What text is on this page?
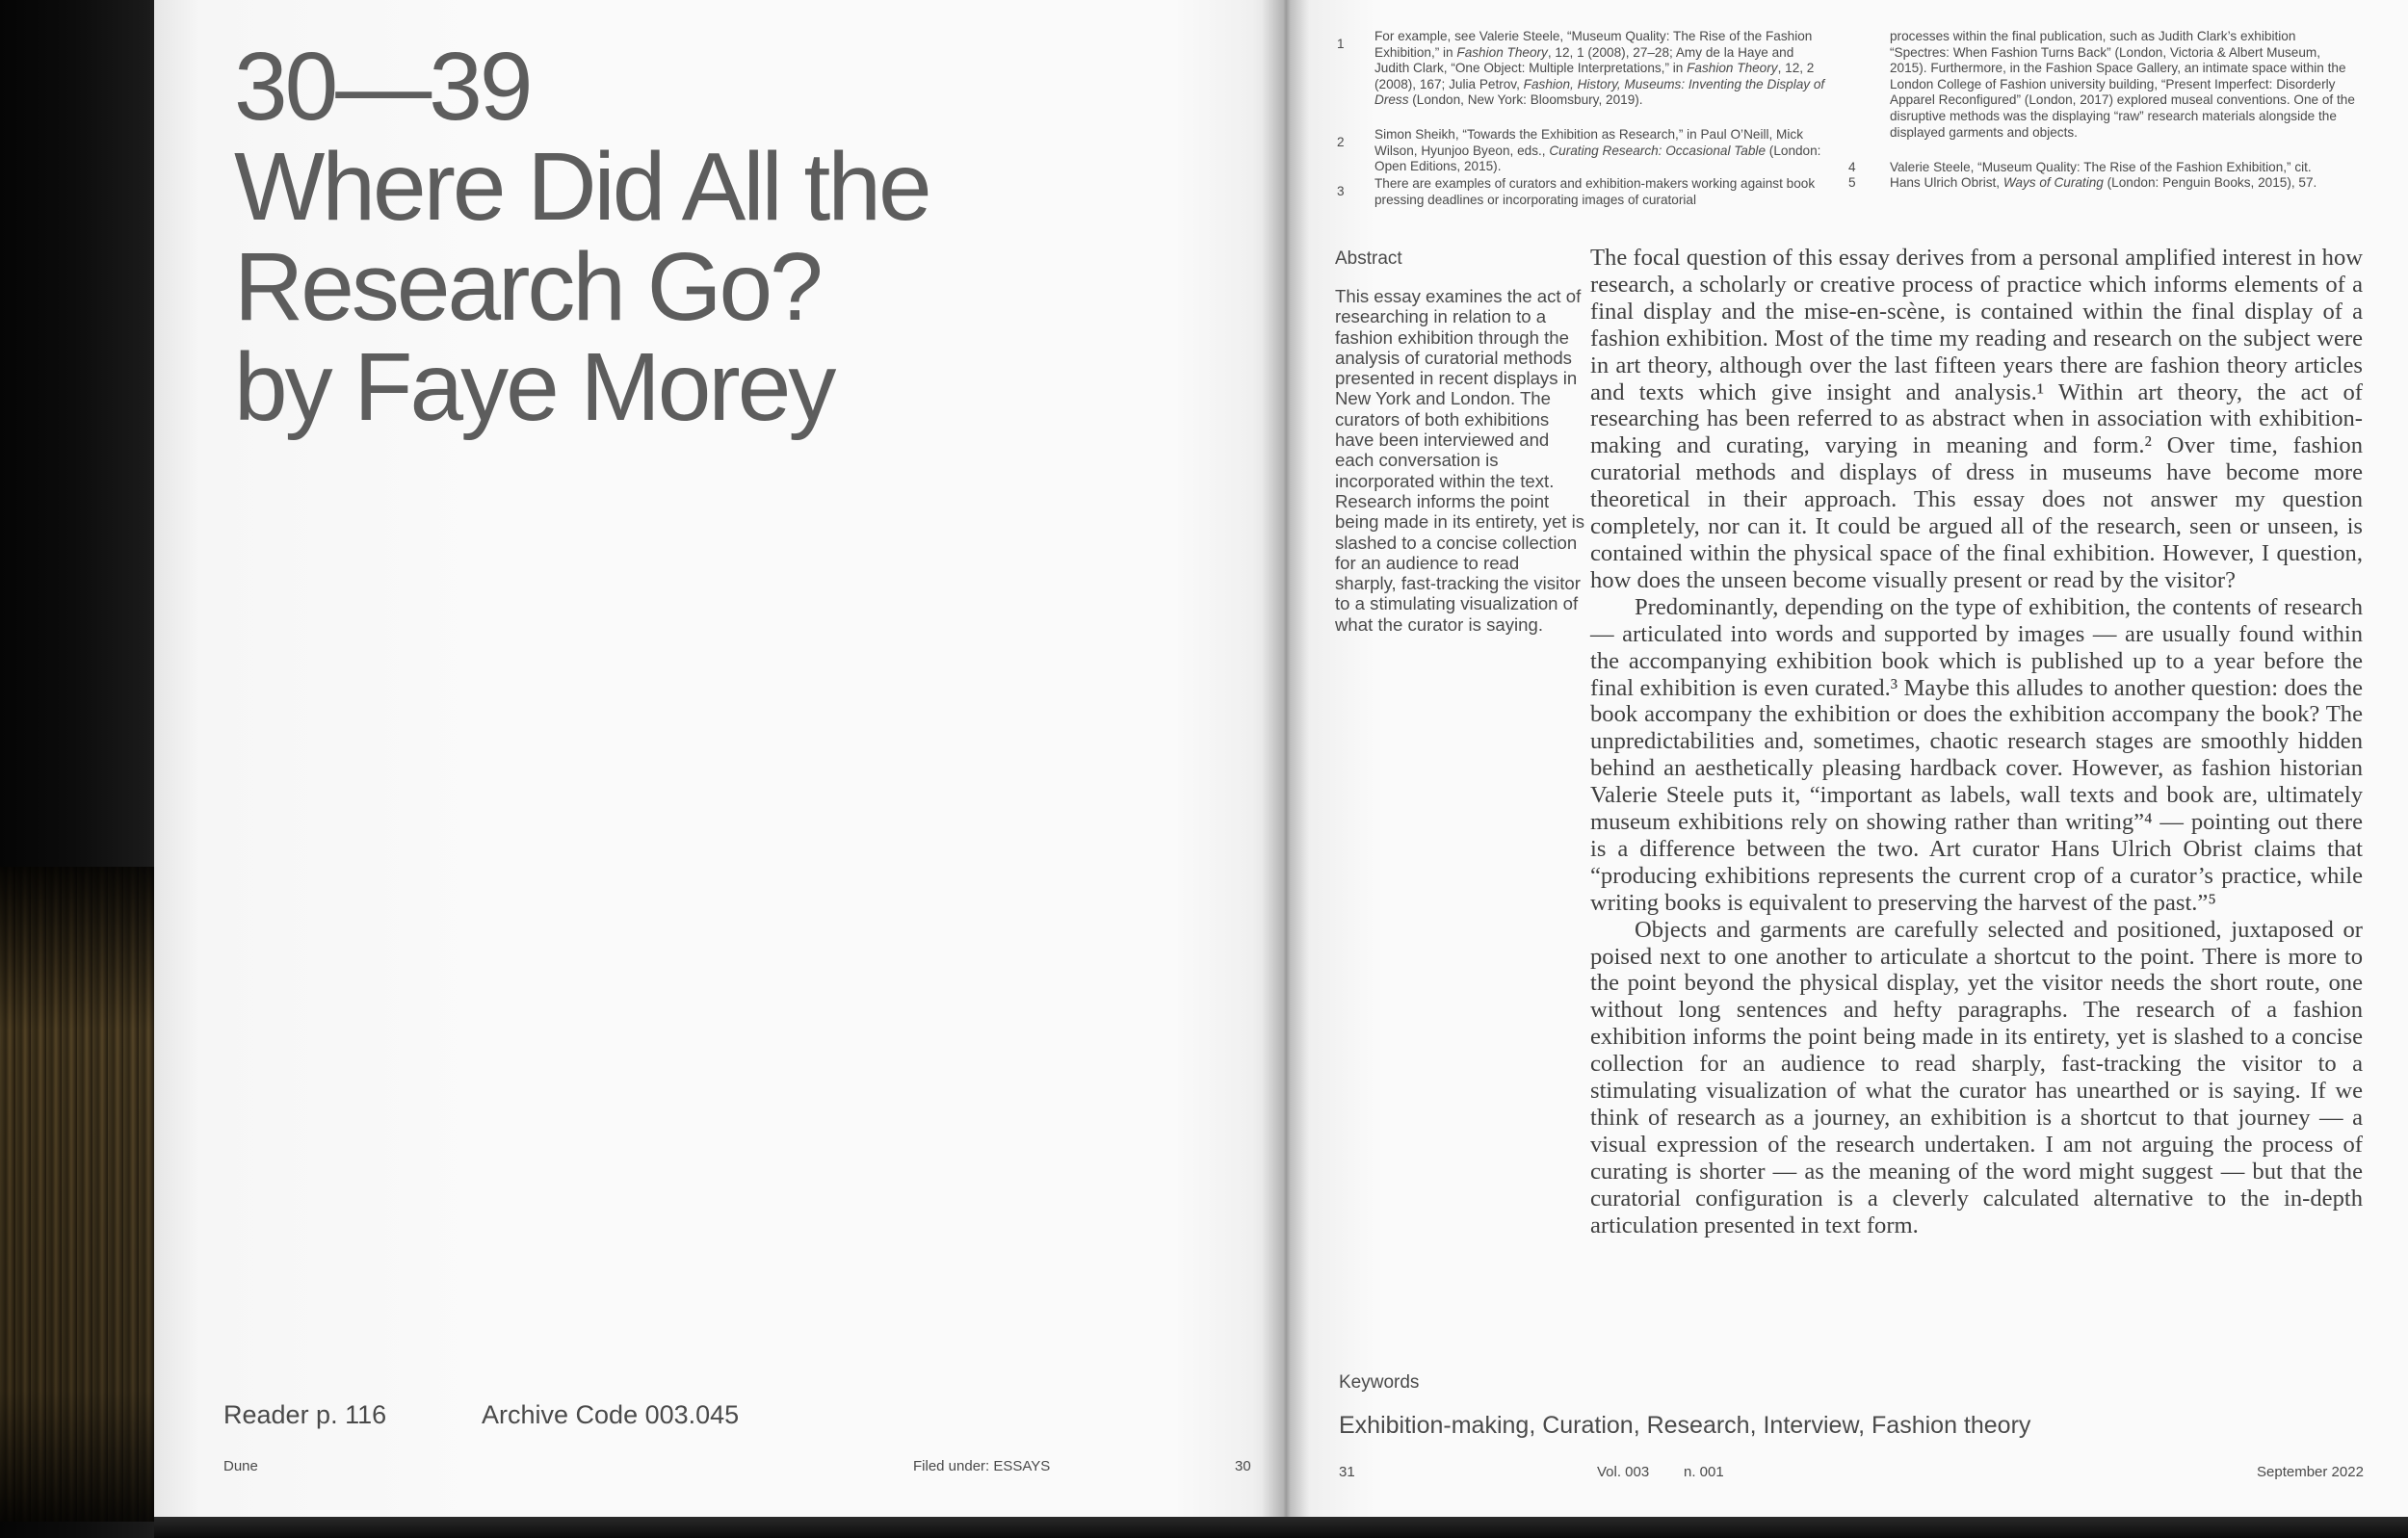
30—39
Where Did All the
Research Go?
by Faye Morey
Reader p. 116	Archive Code 003.045
Dune	Filed under: ESSAYS	30
1
For example, see Valerie Steele, “Museum Quality: The Rise of the Fashion Exhibition,” in Fashion Theory, 12, 1 (2008), 27–28; Amy de la Haye and Judith Clark, “One Object: Multiple Interpretations,” in Fashion Theory, 12, 2 (2008), 167; Julia Petrov, Fashion, History, Museums: Inventing the Display of Dress (London, New York: Bloomsbury, 2019).
2
Simon Sheikh, “Towards the Exhibition as Research,” in Paul O’Neill, Mick Wilson, Hyunjoo Byeon, eds., Curating Research: Occasional Table (London: Open Editions, 2015).
3
There are examples of curators and exhibition-makers working against book pressing deadlines or incorporating images of curatorial
processes within the final publication, such as Judith Clark’s exhibition “Spectres: When Fashion Turns Back” (London, Victoria & Albert Museum, 2015). Furthermore, in the Fashion Space Gallery, an intimate space within the London College of Fashion university building, “Present Imperfect: Disorderly Apparel Reconfigured” (London, 2017) explored museal conventions. One of the disruptive methods was the displaying “raw” research materials alongside the displayed garments and objects.
4	Valerie Steele, “Museum Quality: The Rise of the Fashion Exhibition,” cit.
5	Hans Ulrich Obrist, Ways of Curating (London: Penguin Books, 2015), 57.
Abstract
This essay examines the act of researching in relation to a fashion exhibition through the analysis of curatorial methods presented in recent displays in New York and London. The curators of both exhibitions have been interviewed and each conversation is incorporated within the text. Research informs the point being made in its entirety, yet is slashed to a concise collection for an audience to read sharply, fast-tracking the visitor to a stimulating visualization of what the curator is saying.

The focal question of this essay derives from a personal amplified interest in how research, a scholarly or creative process of practice which informs elements of a final display and the mise-en-scène, is contained within the final display of a fashion exhibition. Most of the time my reading and research on the subject were in art theory, although over the last fifteen years there are fashion theory articles and texts which give insight and analysis.¹ Within art theory, the act of researching has been referred to as abstract when in association with exhibition-making and curating, varying in meaning and form.² Over time, fashion curatorial methods and displays of dress in museums have become more theoretical in their approach. This essay does not answer my question completely, nor can it. It could be argued all of the research, seen or unseen, is contained within the physical space of the final exhibition. However, I question, how does the unseen become visually present or read by the visitor?

Predominantly, depending on the type of exhibition, the contents of research — articulated into words and supported by images — are usually found within the accompanying exhibition book which is published up to a year before the final exhibition is even curated.³ Maybe this alludes to another question: does the book accompany the exhibition or does the exhibition accompany the book? The unpredictabilities and, sometimes, chaotic research stages are smoothly hidden behind an aesthetically pleasing hardback cover. However, as fashion historian Valerie Steele puts it, “important as labels, wall texts and book are, ultimately museum exhibitions rely on showing rather than writing”⁴ — pointing out there is a difference between the two. Art curator Hans Ulrich Obrist claims that “producing exhibitions represents the current crop of a curator’s practice, while writing books is equivalent to preserving the harvest of the past.”⁵

Objects and garments are carefully selected and positioned, juxtaposed or poised next to one another to articulate a shortcut to the point. There is more to the point beyond the physical display, yet the visitor needs the short route, one without long sentences and hefty paragraphs. The research of a fashion exhibition informs the point being made in its entirety, yet is slashed to a concise collection for an audience to read sharply, fast-tracking the visitor to a stimulating visualization of what the curator has unearthed or is saying. If we think of research as a journey, an exhibition is a shortcut to that journey — a visual expression of the research undertaken. I am not arguing the process of curating is shorter — as the meaning of the word might suggest — but that the curatorial configuration is a cleverly calculated alternative to the in-depth articulation presented in text form.

Keywords
Exhibition-making, Curation, Research, Interview, Fashion theory
31	Vol. 003 n. 001	September 2022
